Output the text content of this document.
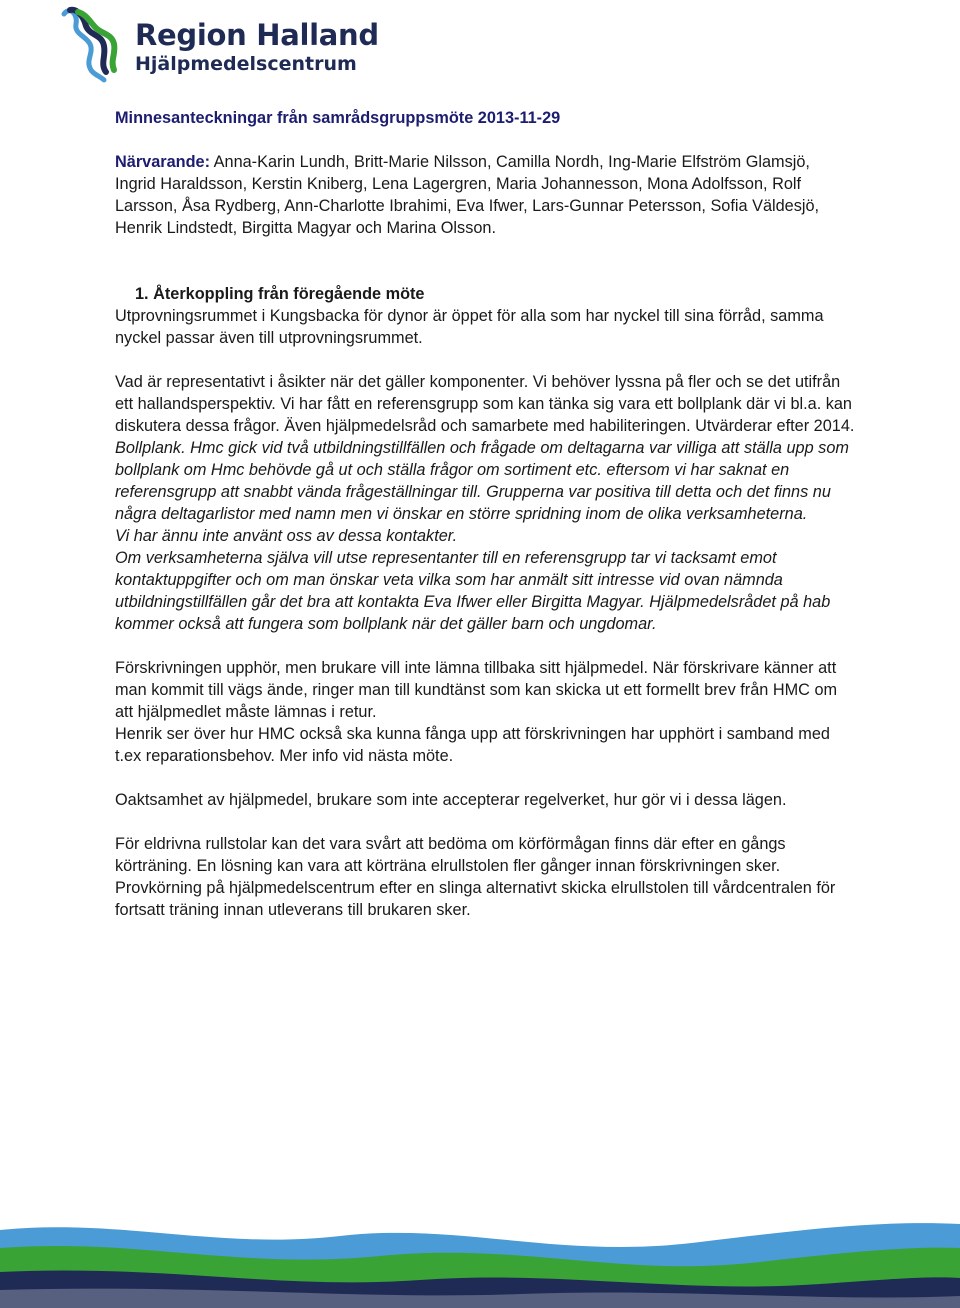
Region Halland
Hjälpmedelscentrum

Minnesanteckningar från samrådsgruppsmöte 2013-11-29

Närvarande: Anna-Karin Lundh, Britt-Marie Nilsson, Camilla Nordh, Ing-Marie Elfström Glamsjö, Ingrid Haraldsson, Kerstin Kniberg, Lena Lagergren, Maria Johannesson, Mona Adolfsson, Rolf Larsson, Åsa Rydberg, Ann-Charlotte Ibrahimi, Eva Ifwer, Lars-Gunnar Petersson, Sofia Väldesjö, Henrik Lindstedt, Birgitta Magyar och Marina Olsson.

1. Återkoppling från föregående möte

Utprovningsrummet i Kungsbacka för dynor är öppet för alla som har nyckel till sina förråd, samma nyckel passar även till utprovningsrummet.

Vad är representativt i åsikter när det gäller komponenter. Vi behöver lyssna på fler och se det utifrån ett hallandsperspektiv. Vi har fått en referensgrupp som kan tänka sig vara ett bollplank där vi bl.a. kan diskutera dessa frågor. Även hjälpmedelsråd och samarbete med habiliteringen. Utvärderar efter 2014.

Bollplank. Hmc gick vid två utbildningstillfällen och frågade om deltagarna var villiga att ställa upp som bollplank om Hmc behövde gå ut och ställa frågor om sortiment etc. eftersom vi har saknat en referensgrupp att snabbt vända frågeställningar till. Grupperna var positiva till detta och det finns nu några deltagarlistor med namn men vi önskar en större spridning inom de olika verksamheterna.

Vi har ännu inte använt oss av dessa kontakter.

Om verksamheterna själva vill utse representanter till en referensgrupp tar vi tacksamt emot kontaktuppgifter och om man önskar veta vilka som har anmält sitt intresse vid ovan nämnda utbildningstillfällen går det bra att kontakta Eva Ifwer eller Birgitta Magyar. Hjälpmedelsrådet på hab kommer också att fungera som bollplank när det gäller barn och ungdomar.

Förskrivningen upphör, men brukare vill inte lämna tillbaka sitt hjälpmedel. När förskrivare känner att man kommit till vägs ände, ringer man till kundtänst som kan skicka ut ett formellt brev från HMC om att hjälpmedlet måste lämnas i retur.

Henrik ser över hur HMC också ska kunna fånga upp att förskrivningen har upphört i samband med t.ex reparationsbehov. Mer info vid nästa möte.

Oaktsamhet av hjälpmedel, brukare som inte accepterar regelverket, hur gör vi i dessa lägen.

För eldrivna rullstolar kan det vara svårt att bedöma om körförmågan finns där efter en gångs körträning. En lösning kan vara att körträna elrullstolen fler gånger innan förskrivningen sker. Provkörning på hjälpmedelscentrum efter en slinga alternativt skicka elrullstolen till vårdcentralen för fortsatt träning innan utleverans till brukaren sker.
